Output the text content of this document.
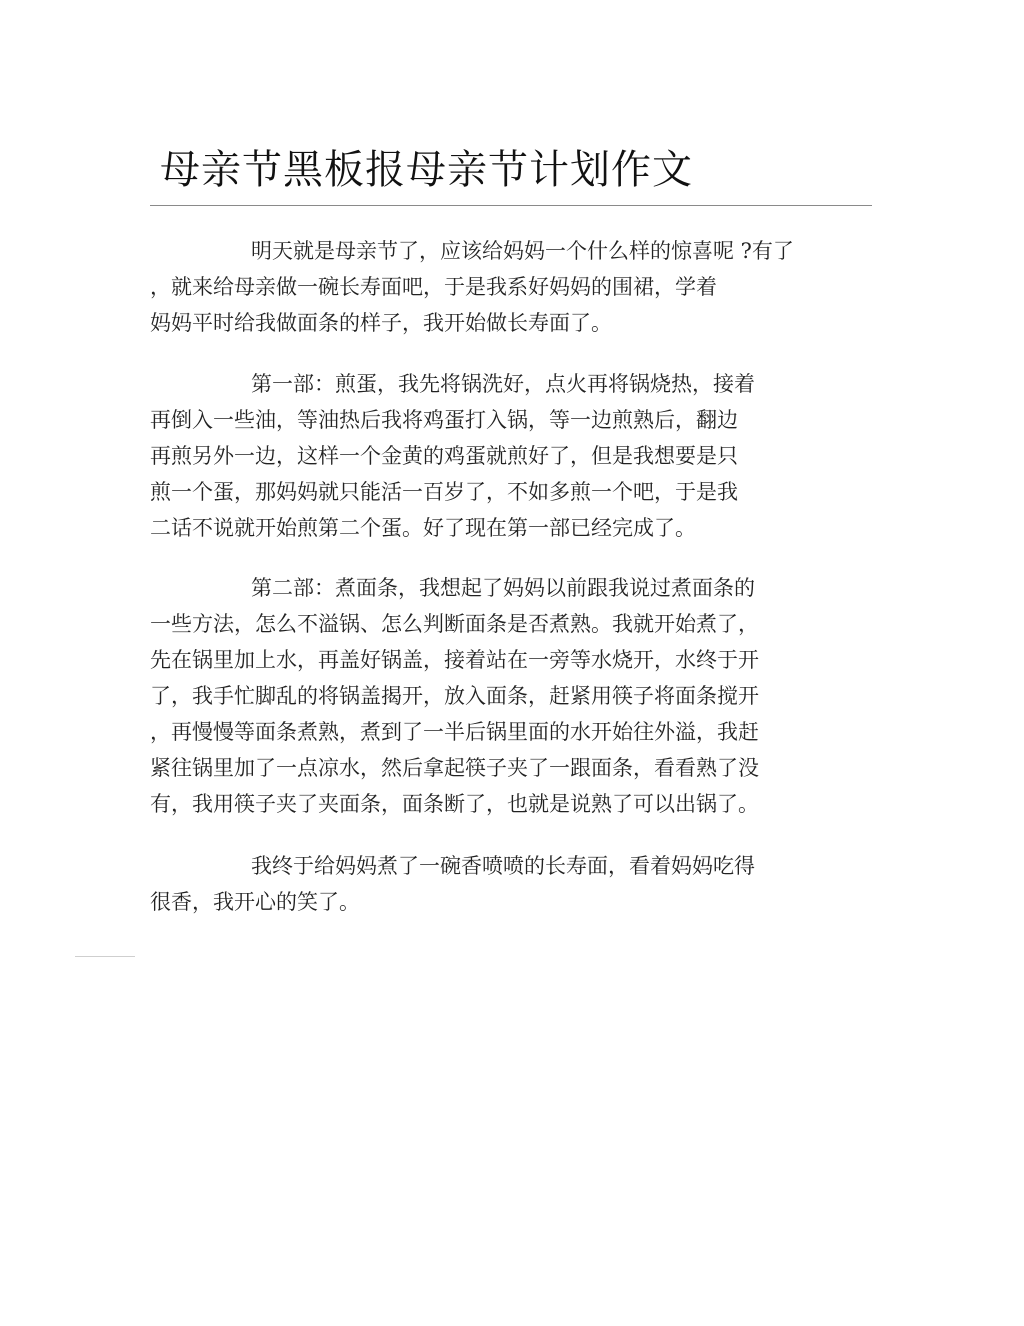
母亲节黑板报母亲节计划作文
明天就是母亲节了，应该给妈妈一个什么样的惊喜呢 ?有了
，就来给母亲做一碗长寿面吧，于是我系好妈妈的围裙，学着
妈妈平时给我做面条的样子，我开始做长寿面了。
第一部：煎蛋，我先将锅洗好，点火再将锅烧热，接着
再倒入一些油，等油热后我将鸡蛋打入锅，等一边煎熟后，翻边
再煎另外一边，这样一个金黄的鸡蛋就煎好了，但是我想要是只
煎一个蛋，那妈妈就只能活一百岁了，不如多煎一个吧，于是我
二话不说就开始煎第二个蛋。好了现在第一部已经完成了。
第二部：煮面条，我想起了妈妈以前跟我说过煮面条的
一些方法，怎么不溢锅、怎么判断面条是否煮熟。我就开始煮了，
先在锅里加上水，再盖好锅盖，接着站在一旁等水烧开，水终于开
了，我手忙脚乱的将锅盖揭开，放入面条，赶紧用筷子将面条搅开
，再慢慢等面条煮熟，煮到了一半后锅里面的水开始往外溢，我赶
紧往锅里加了一点凉水，然后拿起筷子夹了一跟面条，看看熟了没
有，我用筷子夹了夹面条，面条断了，也就是说熟了可以出锅了。
我终于给妈妈煮了一碗香喷喷的长寿面，看着妈妈吃得
很香，我开心的笑了。
